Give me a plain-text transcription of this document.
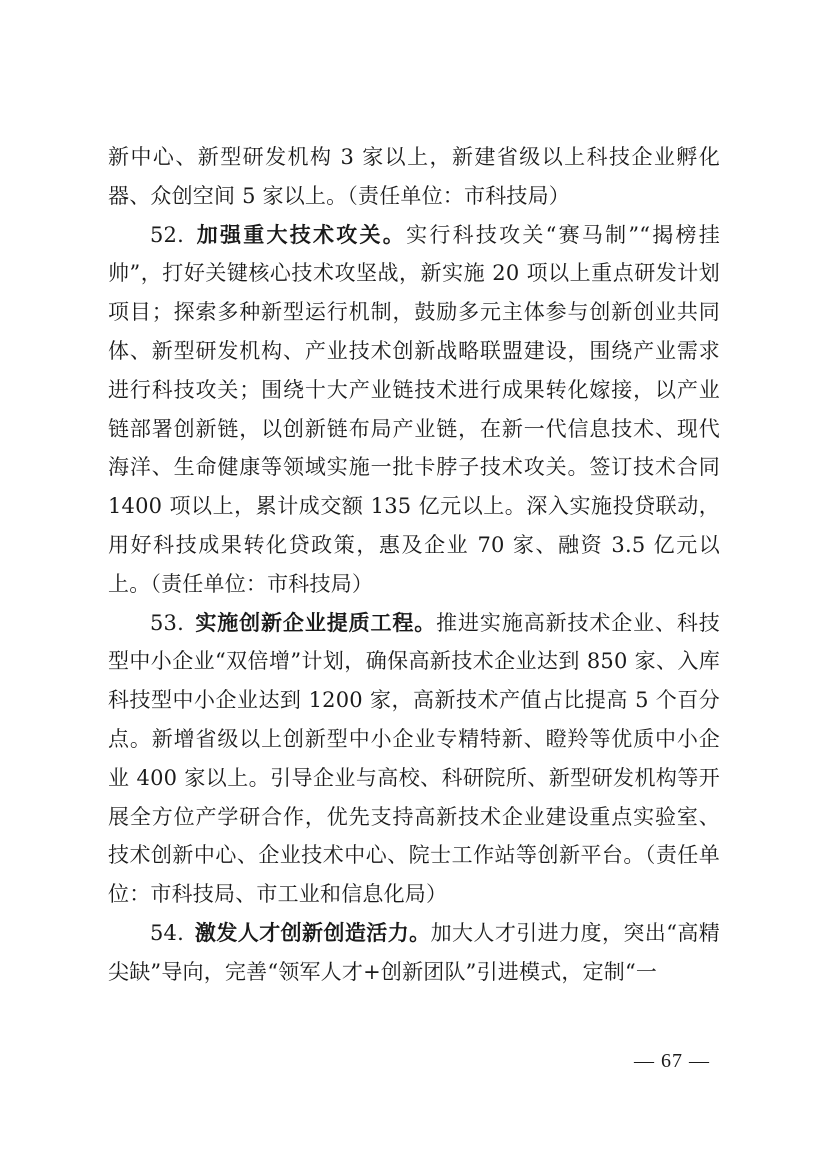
新中心、新型研发机构 3 家以上，新建省级以上科技企业孵化器、众创空间 5 家以上。（责任单位：市科技局）

52.  加强重大技术攻关。实行科技攻关“赛马制”“揭榜挂帅”，打好关键核心技术攻坚战，新实施 20 项以上重点研发计划项目；探索多种新型运行机制，鼓励多元主体参与创新创业共同体、新型研发机构、产业技术创新战略联盟建设，围绕产业需求进行科技攻关；围绕十大产业链技术进行成果转化嫁接，以产业链部署创新链，以创新链布局产业链，在新一代信息技术、现代海洋、生命健康等领域实施一批卡脖子技术攻关。签订技术合同 1400 项以上，累计成交额 135 亿元以上。深入实施投贷联动，用好科技成果转化贷政策，惠及企业 70 家、融资 3.5 亿元以上。（责任单位：市科技局）

53.  实施创新企业提质工程。推进实施高新技术企业、科技型中小企业“双倍增”计划，确保高新技术企业达到 850 家、入库科技型中小企业达到 1200 家，高新技术产值占比提高 5 个百分点。新增省级以上创新型中小企业专精特新、瞪羚等优质中小企业 400 家以上。引导企业与高校、科研院所、新型研发机构等开展全方位产学研合作，优先支持高新技术企业建设重点实验室、技术创新中心、企业技术中心、院士工作站等创新平台。（责任单位：市科技局、市工业和信息化局）

54.  激发人才创新创造活力。加大人才引进力度，突出“高精尖缺”导向，完善“领军人才+创新团队”引进模式，定制“一

— 67 —
